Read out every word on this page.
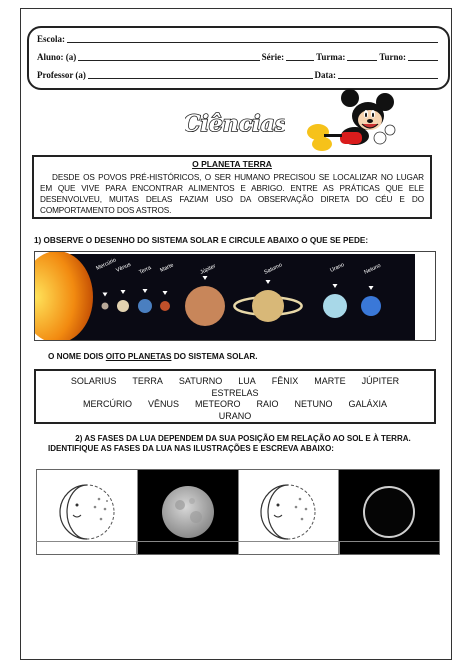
Escola:
Aluno: (a)	Série:	Turma:	Turno:
Professor (a)	Data:
Ciências
O PLANETA TERRA
DESDE OS POVOS PRÉ-HISTÓRICOS, O SER HUMANO PRECISOU SE LOCALIZAR NO LUGAR EM QUE VIVE PARA ENCONTRAR ALIMENTOS E ABRIGO. ENTRE AS PRÁTICAS QUE ELE DESENVOLVEU, MUITAS DELAS FAZIAM USO DA OBSERVAÇÃO DIRETA DO CÉU E DO COMPORTAMENTO DOS ASTROS.
1) OBSERVE O DESENHO DO SISTEMA SOLAR E CIRCULE ABAIXO O QUE SE PEDE:
Mercúrio
Vênus Terra Marte	Júpiter	Saturno	Urano	Netuno
O NOME DOIS OITO PLANETAS DO SISTEMA SOLAR.
SOLARIUS TERRA SATURNO LUA FÊNIX MARTE JÚPITER
ESTRELAS
MERCÚRIO VÊNUS METEORO RAIO NETUNO GALÁXIA
URANO
2) AS FASES DA LUA DEPENDEM DA SUA POSIÇÃO EM RELAÇÃO AO SOL E À TERRA.
IDENTIFIQUE AS FASES DA LUA NAS ILUSTRAÇÕES E ESCREVA ABAIXO:
